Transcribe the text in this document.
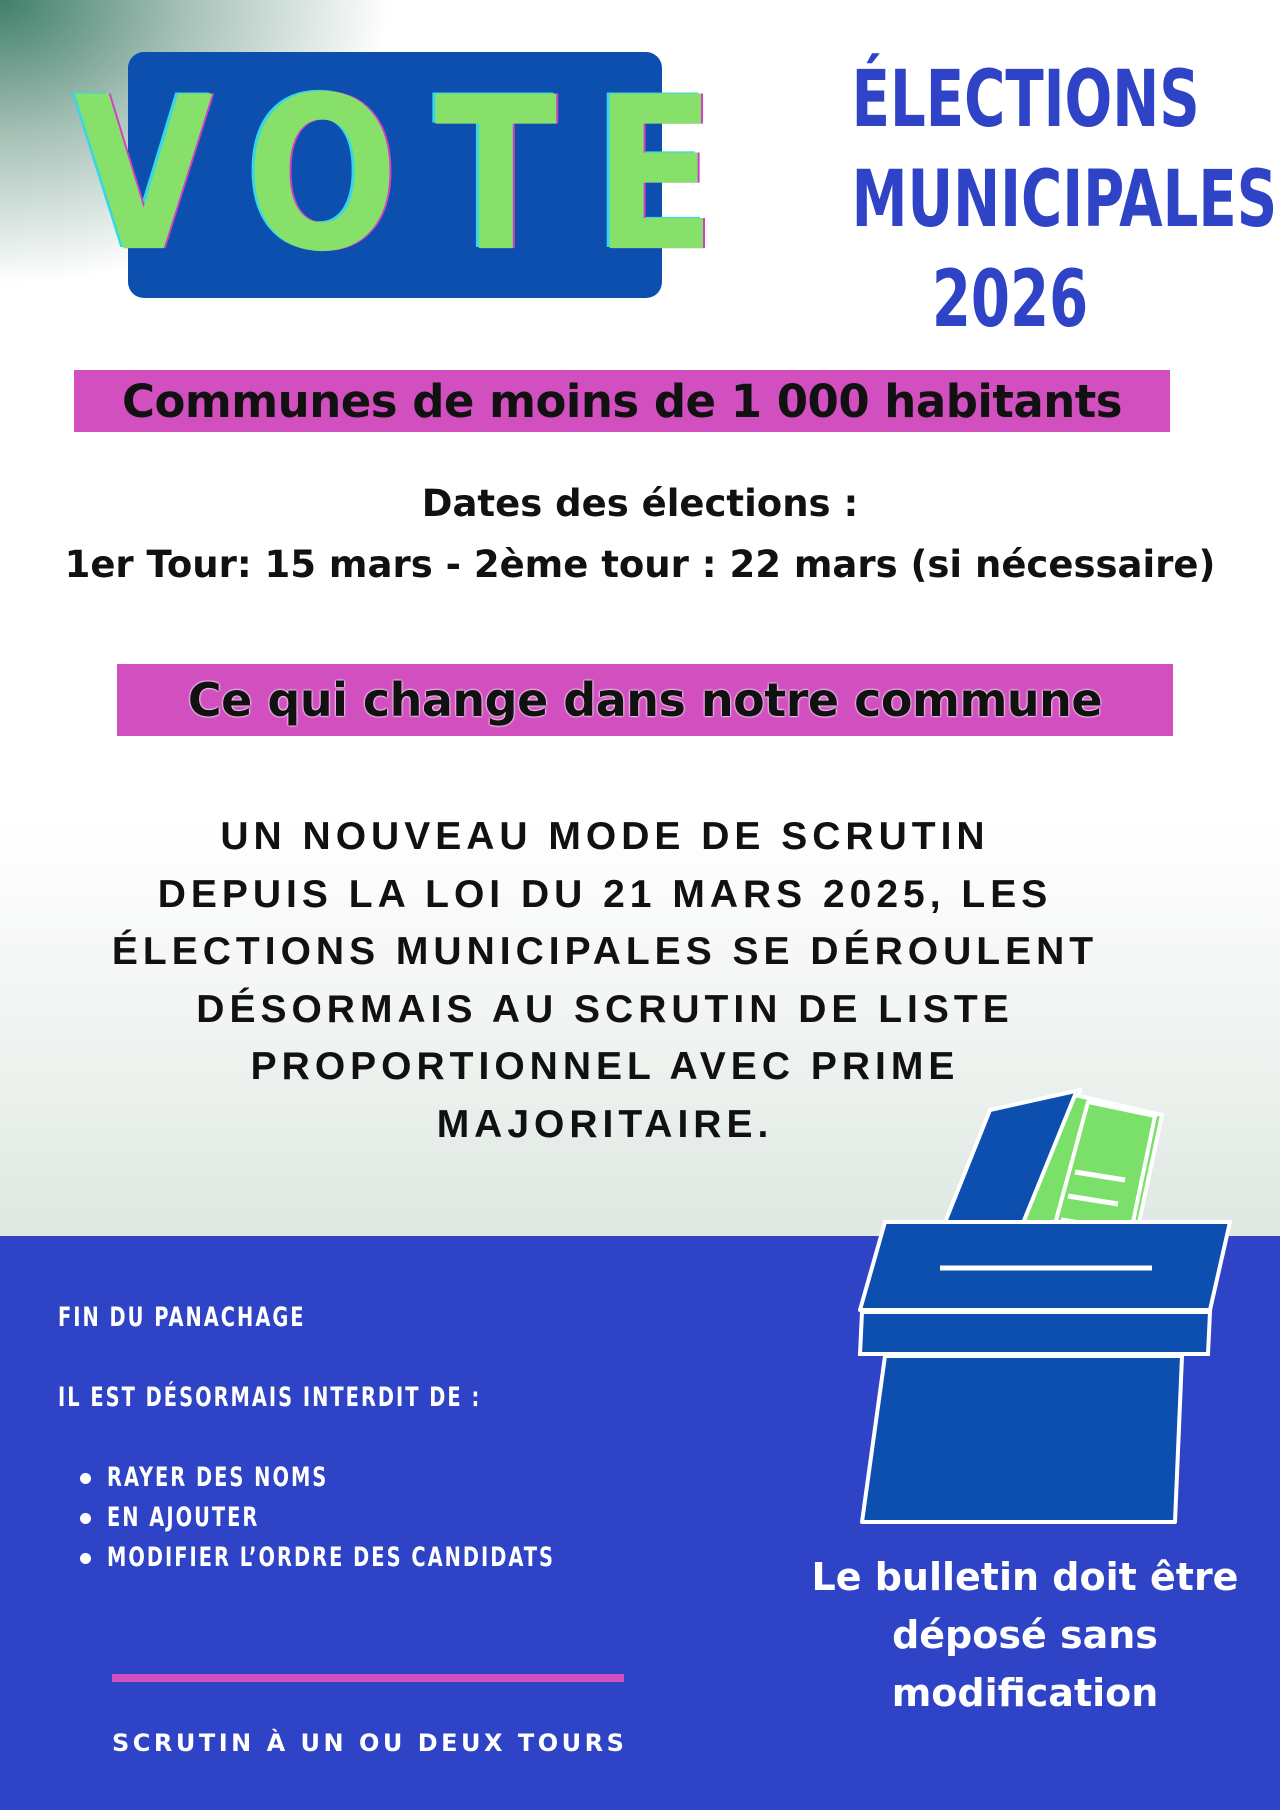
VOTE ÉLECTIONS
MUNICIPALES
2026
Communes de moins de 1 000 habitants
Dates des élections :
1er Tour: 15 mars - 2ème tour : 22 mars (si nécessaire)
Ce qui change dans notre commune
UN NOUVEAU MODE DE SCRUTIN
DEPUIS LA LOI DU 21 MARS 2025, LES
ÉLECTIONS MUNICIPALES SE DÉROULENT
DÉSORMAIS AU SCRUTIN DE LISTE
PROPORTIONNEL AVEC PRIME
MAJORITAIRE.
FIN DU PANACHAGE
IL EST DÉSORMAIS INTERDIT DE :
RAYER DES NOMS
EN AJOUTER
MODIFIER L’ORDRE DES CANDIDATS
SCRUTIN À UN OU DEUX TOURS
Le bulletin doit être
déposé sans
modification
